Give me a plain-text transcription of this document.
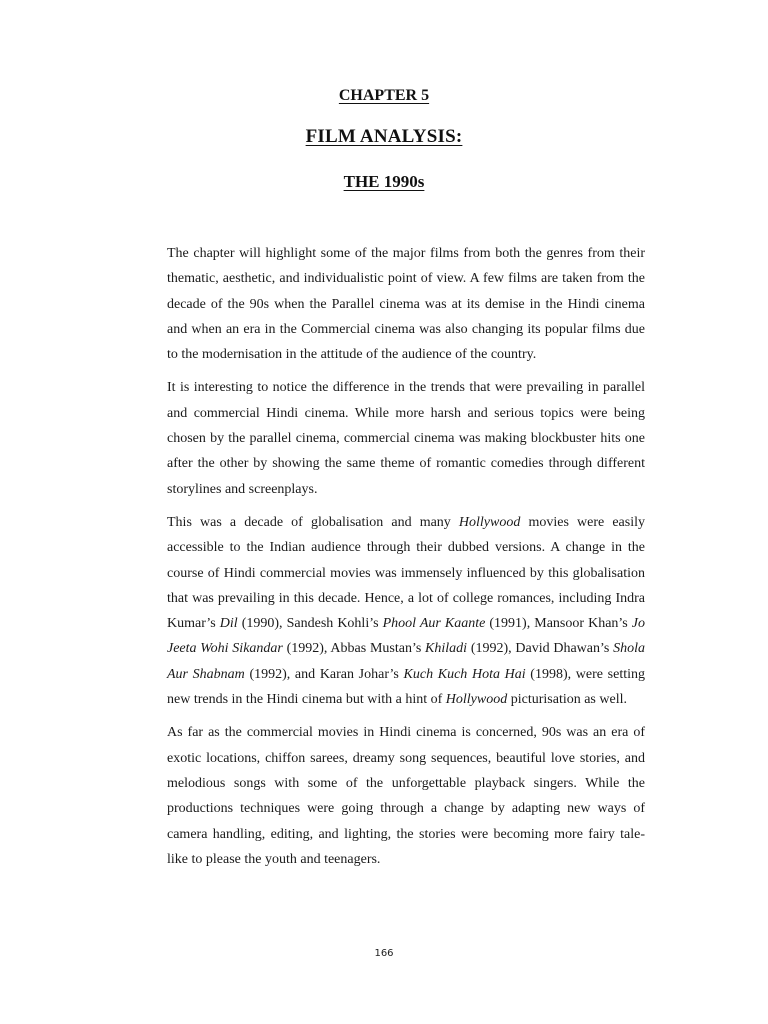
CHAPTER 5
FILM ANALYSIS:
THE 1990s

The chapter will highlight some of the major films from both the genres from their thematic, aesthetic, and individualistic point of view. A few films are taken from the decade of the 90s when the Parallel cinema was at its demise in the Hindi cinema and when an era in the Commercial cinema was also changing its popular films due to the modernisation in the attitude of the audience of the country.

It is interesting to notice the difference in the trends that were prevailing in parallel and commercial Hindi cinema. While more harsh and serious topics were being chosen by the parallel cinema, commercial cinema was making blockbuster hits one after the other by showing the same theme of romantic comedies through different storylines and screenplays.

This was a decade of globalisation and many Hollywood movies were easily accessible to the Indian audience through their dubbed versions. A change in the course of Hindi commercial movies was immensely influenced by this globalisation that was prevailing in this decade. Hence, a lot of college romances, including Indra Kumar’s Dil (1990), Sandesh Kohli’s Phool Aur Kaante (1991), Mansoor Khan’s Jo Jeeta Wohi Sikandar (1992), Abbas Mustan’s Khiladi (1992), David Dhawan’s Shola Aur Shabnam (1992), and Karan Johar’s Kuch Kuch Hota Hai (1998), were setting new trends in the Hindi cinema but with a hint of Hollywood picturisation as well.

As far as the commercial movies in Hindi cinema is concerned, 90s was an era of exotic locations, chiffon sarees, dreamy song sequences, beautiful love stories, and melodious songs with some of the unforgettable playback singers. While the productions techniques were going through a change by adapting new ways of camera handling, editing, and lighting, the stories were becoming more fairy tale-like to please the youth and teenagers.

166
